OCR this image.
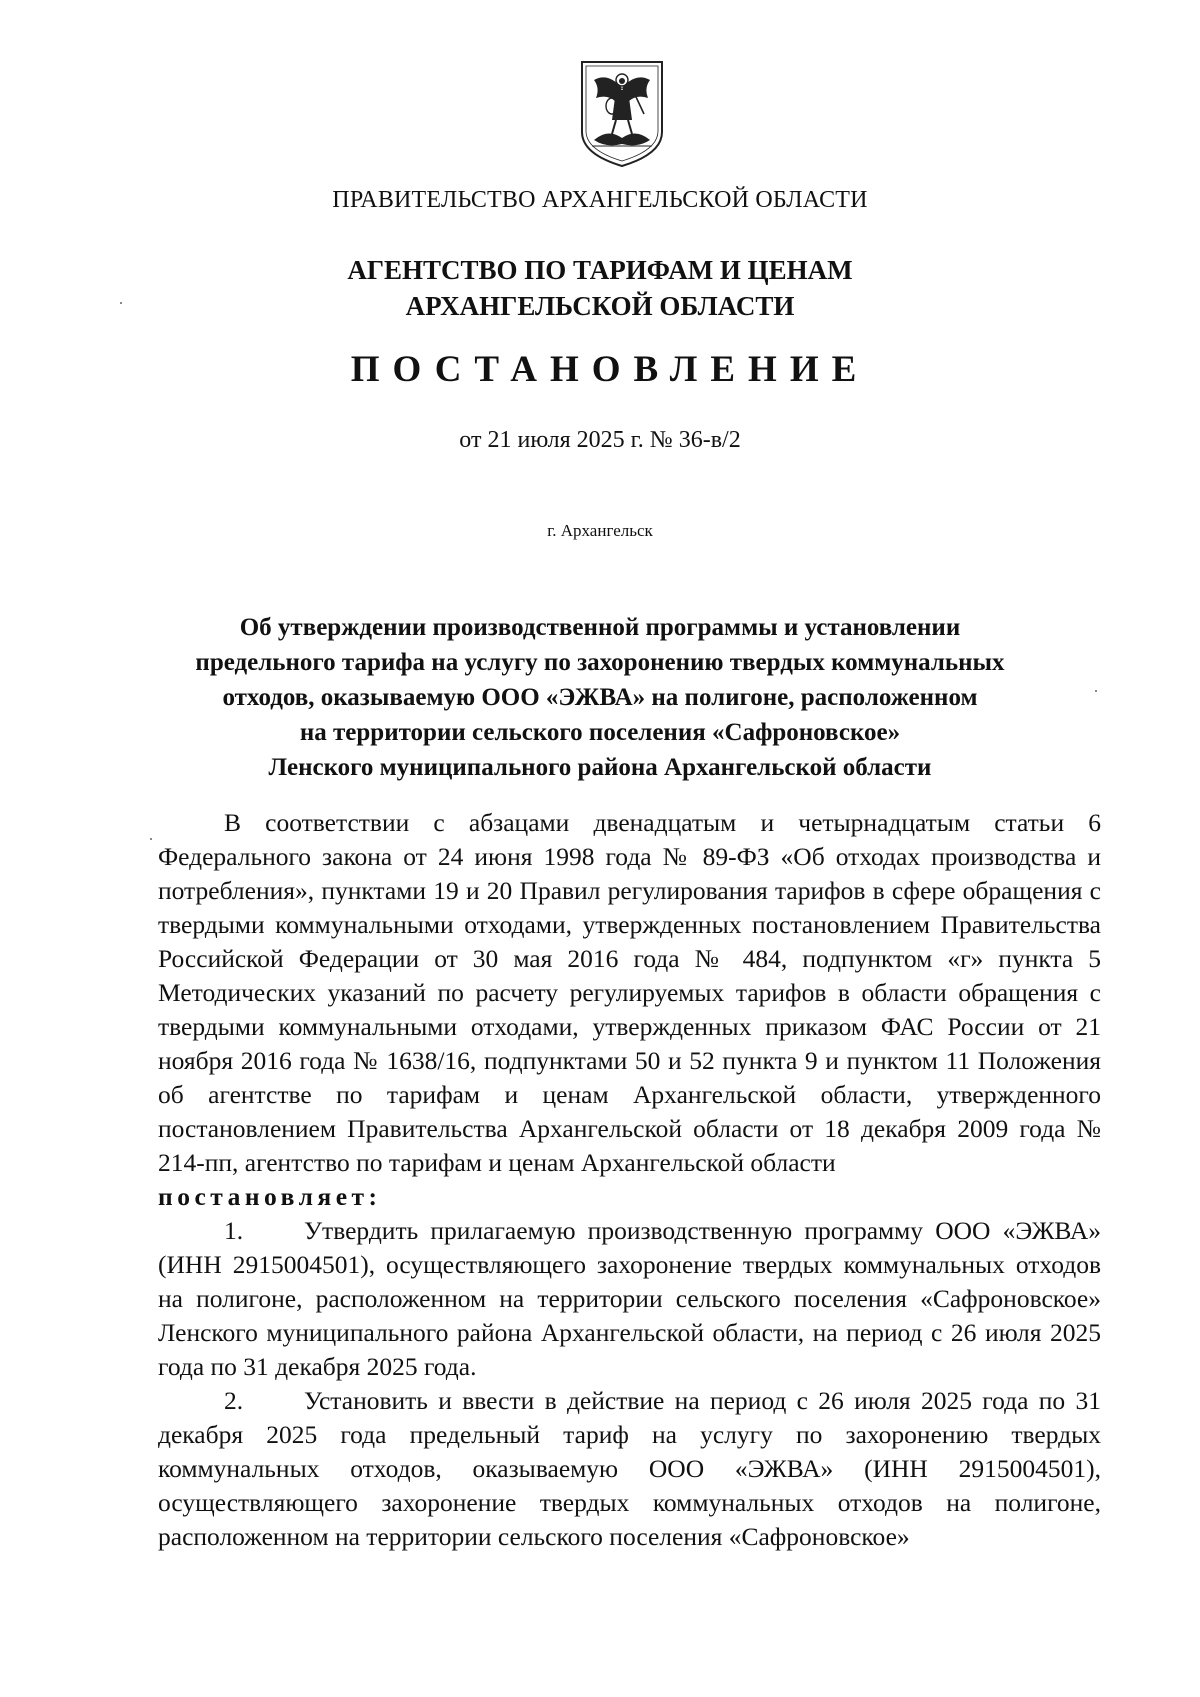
ПРАВИТЕЛЬСТВО АРХАНГЕЛЬСКОЙ ОБЛАСТИ
АГЕНТСТВО ПО ТАРИФАМ И ЦЕНАМ
АРХАНГЕЛЬСКОЙ ОБЛАСТИ
ПОСТАНОВЛЕНИЕ
от 21 июля 2025 г. № 36-в/2
г. Архангельск
Об утверждении производственной программы и установлении
предельного тарифа на услугу по захоронению твердых коммунальных
отходов, оказываемую ООО «ЭЖВА» на полигоне, расположенном
на территории сельского поселения «Сафроновское»
Ленского муниципального района Архангельской области

В соответствии с абзацами двенадцатым и четырнадцатым статьи 6 Федерального закона от 24 июня 1998 года № 89-ФЗ «Об отходах производства и потребления», пунктами 19 и 20 Правил регулирования тарифов в сфере обращения с твердыми коммунальными отходами, утвержденных постановлением Правительства Российской Федерации от 30 мая 2016 года № 484, подпунктом «г» пункта 5 Методических указаний по расчету регулируемых тарифов в области обращения с твердыми коммунальными отходами, утвержденных приказом ФАС России от 21 ноября 2016 года № 1638/16, подпунктами 50 и 52 пункта 9 и пунктом 11 Положения об агентстве по тарифам и ценам Архангельской области, утвержденного постановлением Правительства Архангельской области от 18 декабря 2009 года № 214-пп, агентство по тарифам и ценам Архангельской области

постановляет:

1. Утвердить прилагаемую производственную программу ООО «ЭЖВА» (ИНН 2915004501), осуществляющего захоронение твердых коммунальных отходов на полигоне, расположенном на территории сельского поселения «Сафроновское» Ленского муниципального района Архангельской области, на период с 26 июля 2025 года по 31 декабря 2025 года.

2. Установить и ввести в действие на период с 26 июля 2025 года по 31 декабря 2025 года предельный тариф на услугу по захоронению твердых коммунальных отходов, оказываемую ООО «ЭЖВА» (ИНН 2915004501), осуществляющего захоронение твердых коммунальных отходов на полигоне, расположенном на территории сельского поселения «Сафроновское»
